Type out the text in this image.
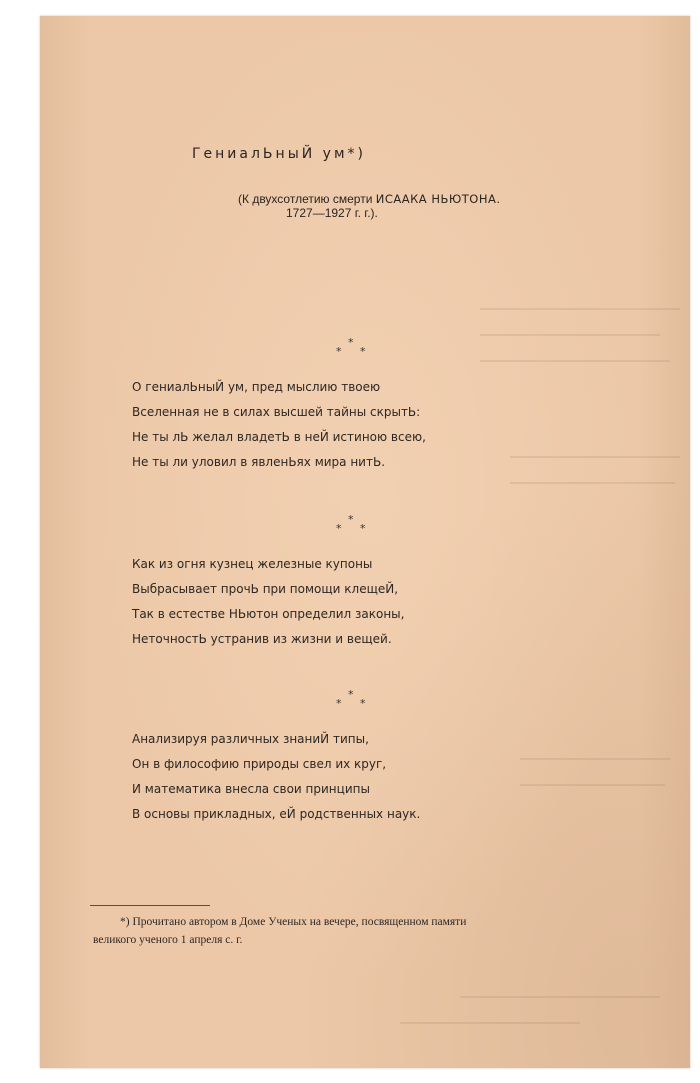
ГениалЬныЙ ум*)
(К двухсотлетию смерти ИСААКА НЬЮТОНА.
1727—1927 г. г.).
*
* *
О гениалЬныЙ ум, пред мыслию твоею
Вселенная не в силах высшей тайны скрытЬ:
Не ты лЬ желал владетЬ в неЙ истиною всею,
Не ты ли уловил в явленЬях мира нитЬ.
*
* *
Как из огня кузнец железные купоны
Выбрасывает прочЬ при помощи клещеЙ,
Так в естестве НЬютон определил законы,
НеточностЬ устранив из жизни и вещей.
*
* *
Анализируя различных знаниЙ типы,
Он в философию природы свел их круг,
И математика внесла свои принципы
В основы прикладных, еЙ родственных наук.
*) Прочитано автором в Доме Ученых на вечере, посвященном памяти
великого ученого 1 апреля с. г.
